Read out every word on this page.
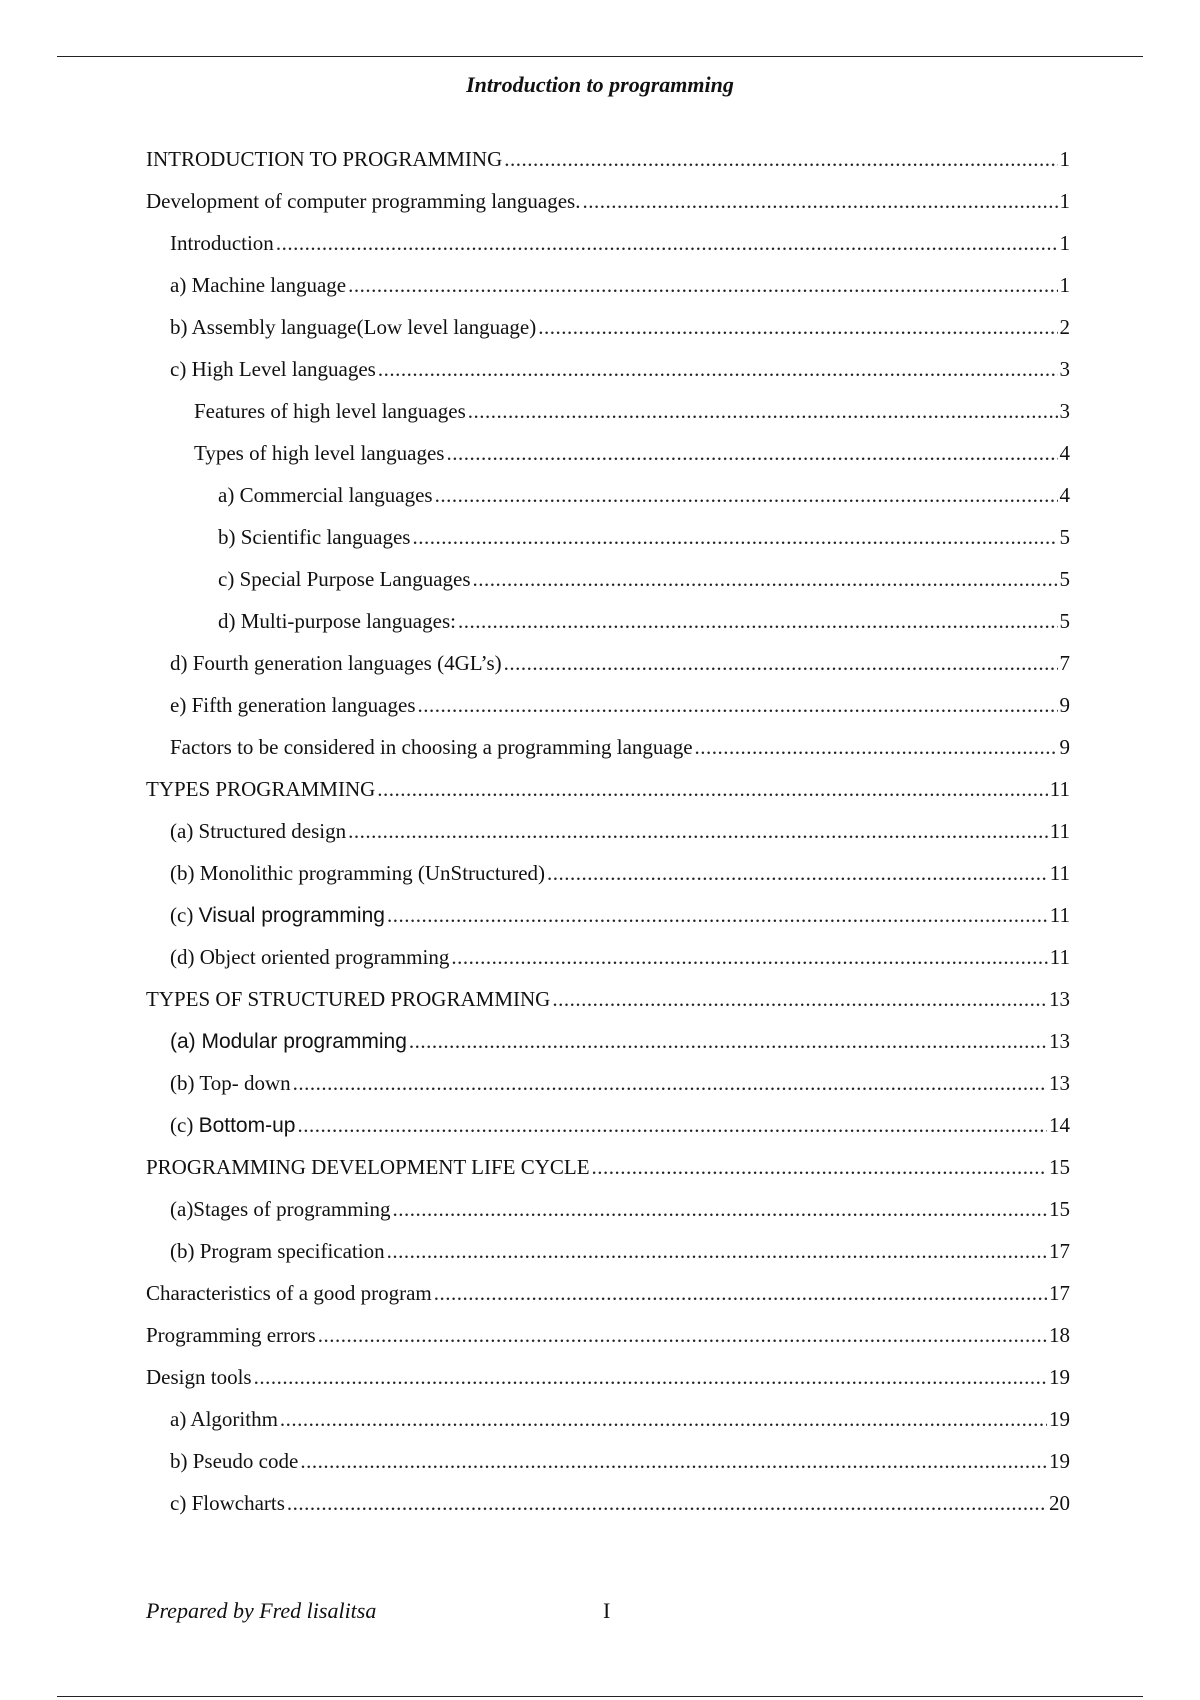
Introduction to programming
INTRODUCTION TO PROGRAMMING .....	1
Development of computer programming languages. .....	1
Introduction .....	1
a) Machine language .....	1
b) Assembly language(Low level language) .....	2
c) High Level languages .....	3
Features of high level languages .....	3
Types of high level languages .....	4
a) Commercial languages .....	4
b) Scientific languages .....	5
c) Special Purpose Languages .....	5
d) Multi-purpose languages: .....	5
d) Fourth generation languages (4GL’s) .....	7
e) Fifth generation languages .....	9
Factors to be considered in choosing a programming language .....	9
TYPES PROGRAMMING .....	11
(a) Structured design .....	11
(b) Monolithic programming (UnStructured) .....	11
(c) Visual programming .....	11
(d) Object oriented programming .....	11
TYPES OF STRUCTURED PROGRAMMING .....	13
(a) Modular programming .....	13
(b) Top- down .....	13
(c) Bottom-up .....	14
PROGRAMMING DEVELOPMENT LIFE CYCLE .....	15
(a)Stages of programming .....	15
(b) Program specification .....	17
Characteristics of a good program .....	17
Programming errors .....	18
Design tools .....	19
a) Algorithm .....	19
b) Pseudo code .....	19
c) Flowcharts .....	20
Prepared by Fred lisalitsa	I
